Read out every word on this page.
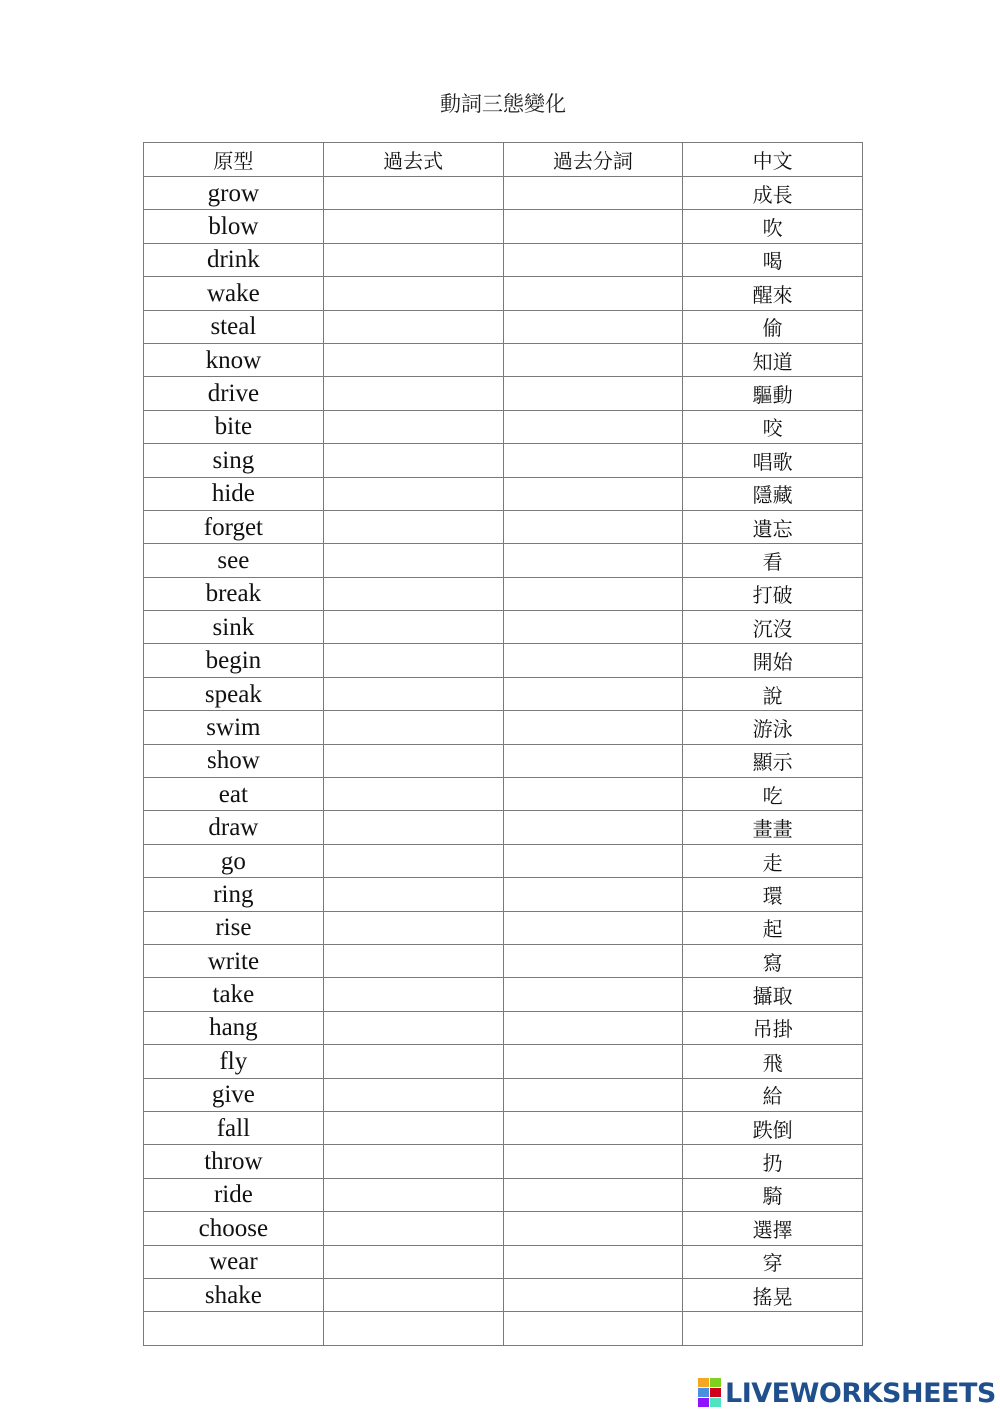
動詞三態變化
原型	過去式	過去分詞	中文
grow			成長
blow			吹
drink			喝
wake			醒來
steal			偷
know			知道
drive			驅動
bite			咬
sing			唱歌
hide			隱藏
forget			遺忘
see			看
break			打破
sink			沉沒
begin			開始
speak			說
swim			游泳
show			顯示
eat			吃
draw			畫畫
go			走
ring			環
rise			起
write			寫
take			攝取
hang			吊掛
fly			飛
give			給
fall			跌倒
throw			扔
ride			騎
choose			選擇
wear			穿
shake			搖晃

LIVEWORKSHEETS
